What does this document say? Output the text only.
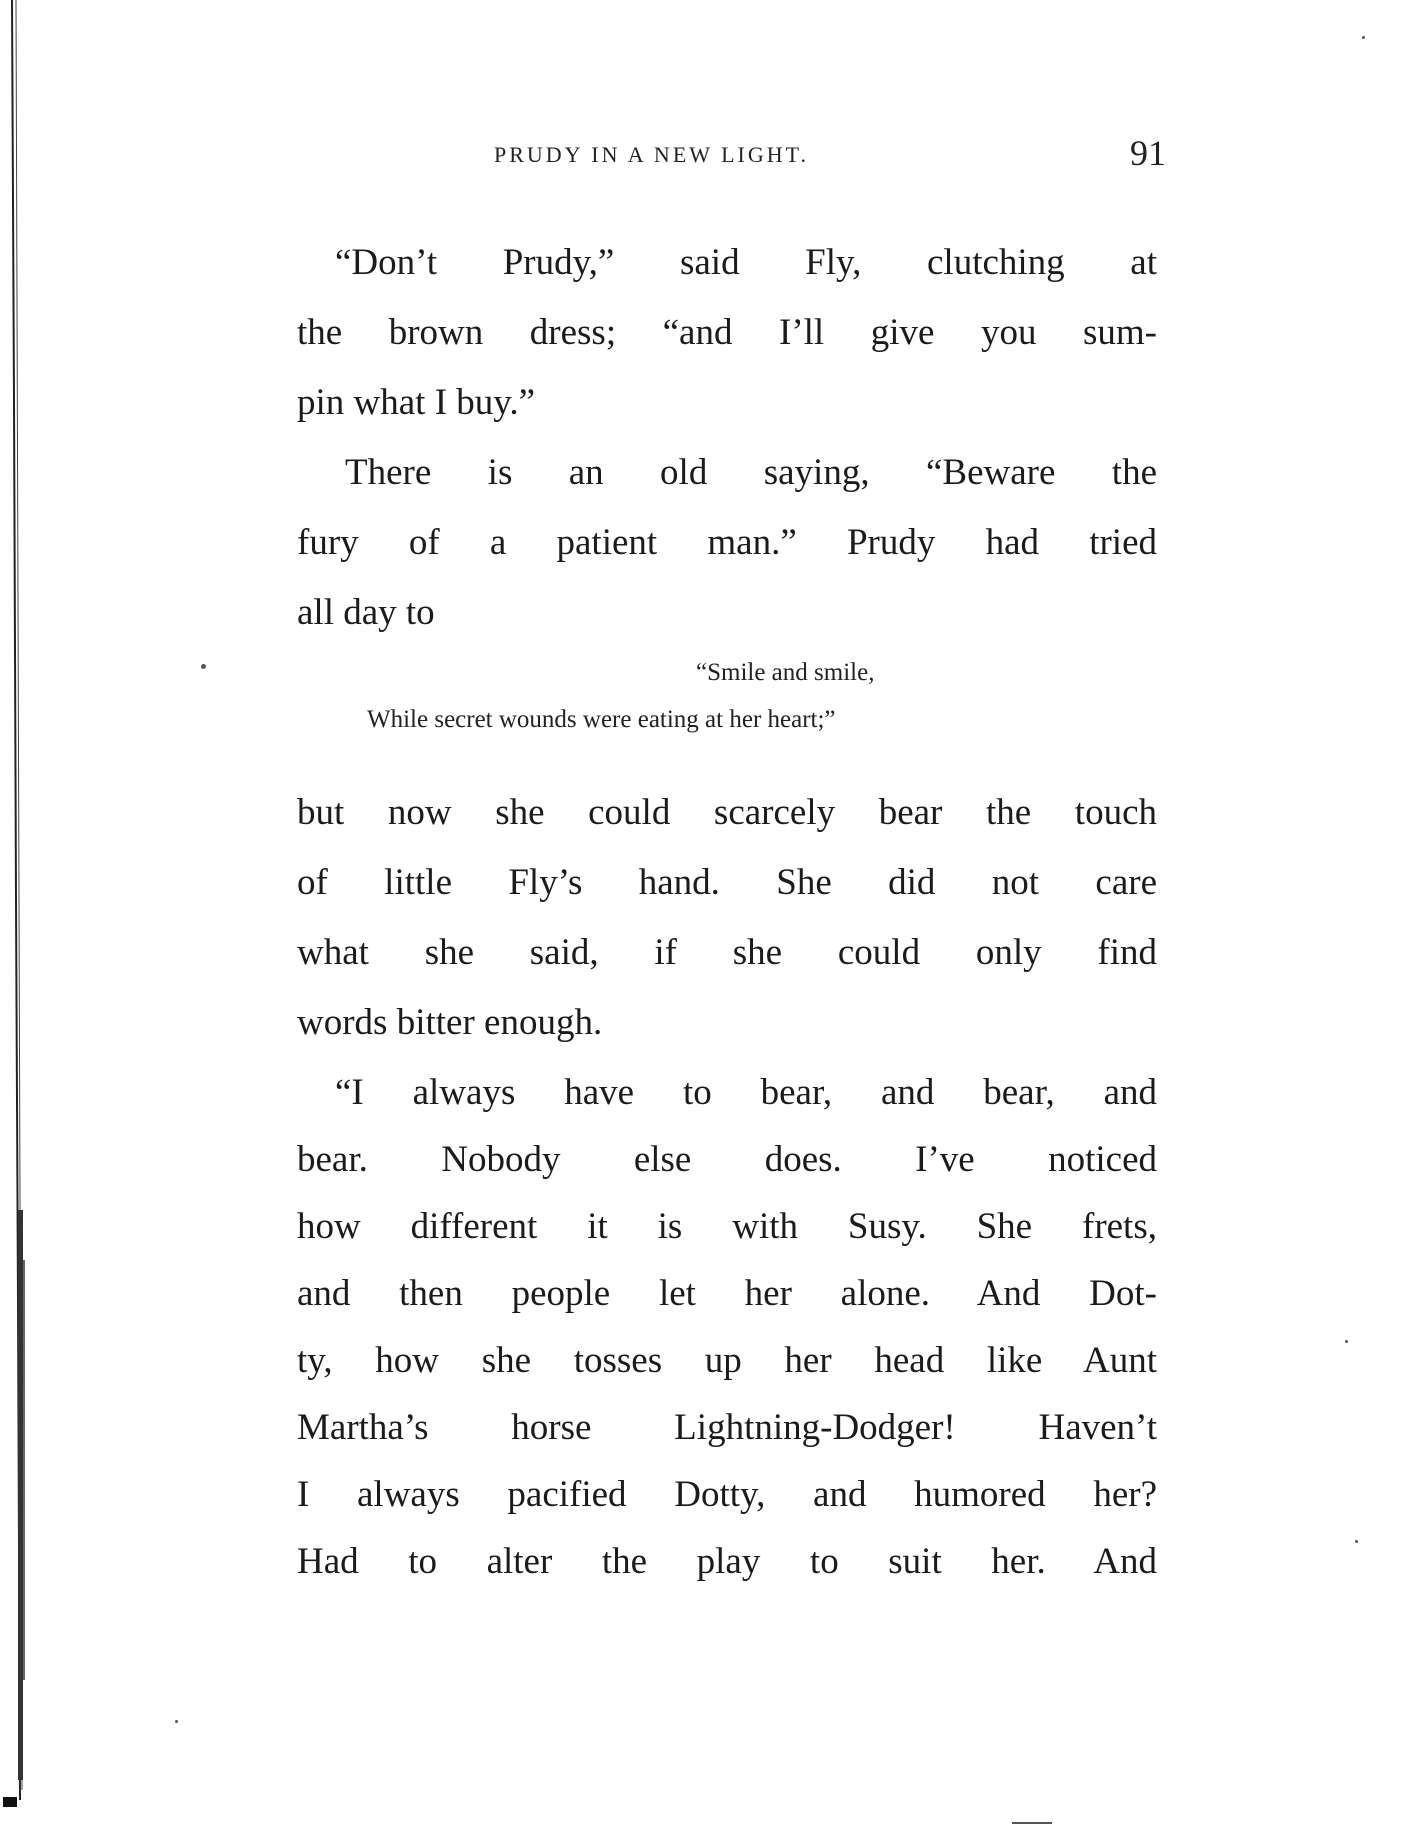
PRUDY IN A NEW LIGHT.	91
“Don’t Prudy,” said Fly, clutching at
the brown dress; “and I’ll give you sum-
pin what I buy.”
There is an old saying, “Beware the
fury of a patient man.” Prudy had tried
all day to
“Smile and smile,
While secret wounds were eating at her heart;”
but now she could scarcely bear the touch
of little Fly’s hand. She did not care
what she said, if she could only find
words bitter enough.
“I always have to bear, and bear, and
bear. Nobody else does. I’ve noticed
how different it is with Susy. She frets,
and then people let her alone. And Dot-
ty, how she tosses up her head like Aunt
Martha’s horse Lightning-Dodger! Haven’t
I always pacified Dotty, and humored her?
Had to alter the play to suit her. And
